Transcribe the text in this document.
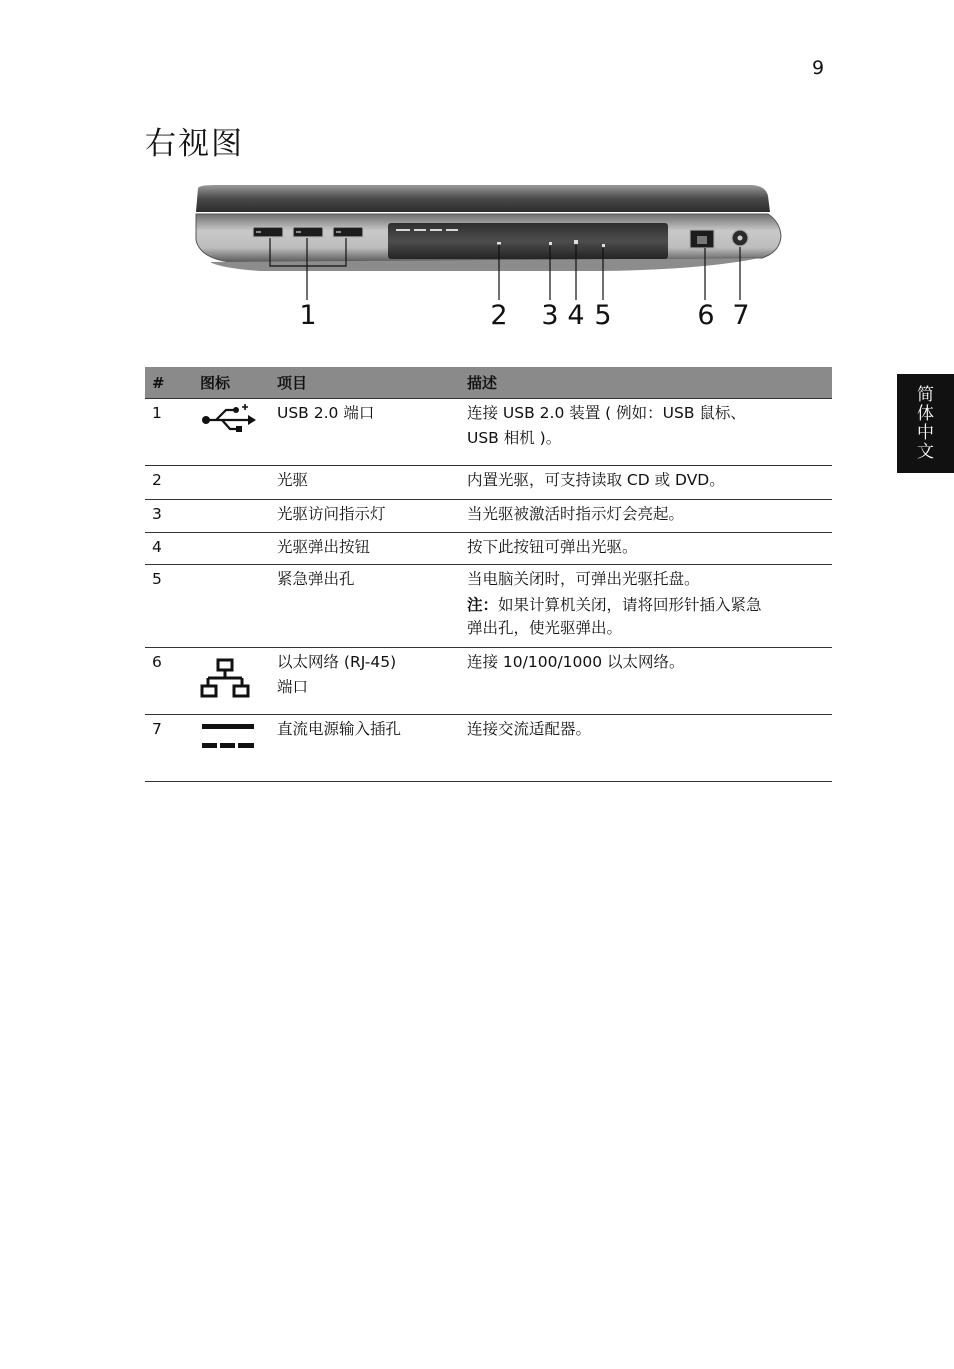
9
右视图
简
体
中
文
1	2 3 4 5	6 7
#	图标	项目	描述
1		USB 2.0 端口	连接 USB 2.0 装置 ( 例如：USB 鼠标、
USB 相机 )。

2		光驱	内置光驱，可支持读取 CD 或 DVD。

3		光驱访问指示灯	当光驱被激活时指示灯会亮起。

4		光驱弹出按钮	按下此按钮可弹出光驱。

5		紧急弹出孔	当电脑关闭时，可弹出光驱托盘。
注：如果计算机关闭，请将回形针插入紧急
弹出孔，使光驱弹出。

6		以太网络 (RJ-45)
端口	连接 10/100/1000 以太网络。

7		直流电源输入插孔	连接交流适配器。
